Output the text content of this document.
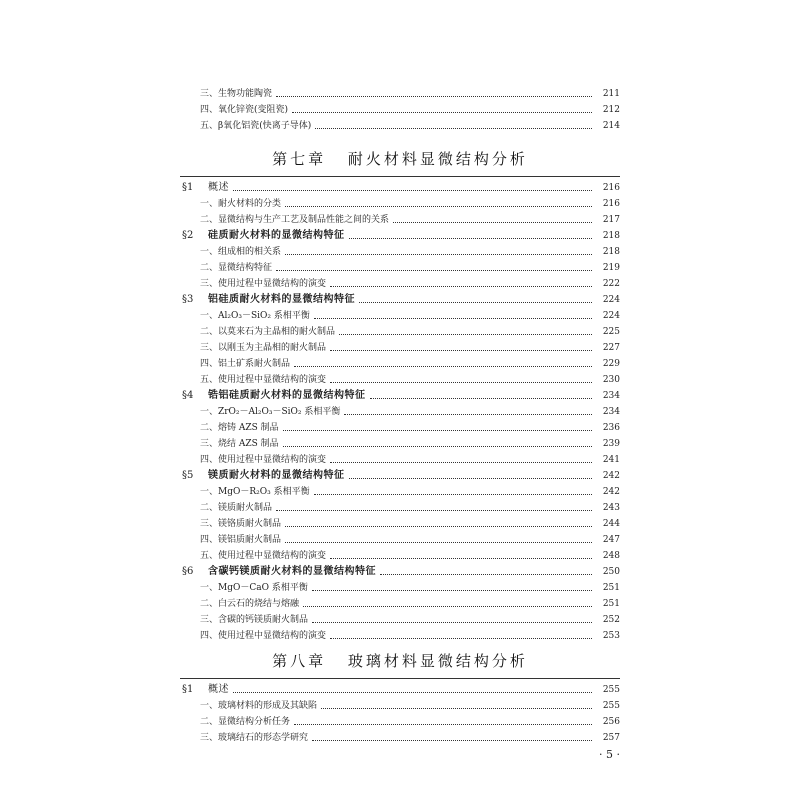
三、生物功能陶瓷	211
四、氧化锌瓷(变阻瓷)	212
五、β氧化铝瓷(快离子导体)	214
第七章 耐火材料显微结构分析
§1	概述	216
一、耐火材料的分类	216
二、显微结构与生产工艺及制品性能之间的关系	217
§2	硅质耐火材料的显微结构特征	218
一、组成相的相关系	218
二、显微结构特征	219
三、使用过程中显微结构的演变	222
§3	铝硅质耐火材料的显微结构特征	224
一、Al₂O₃－SiO₂ 系相平衡	224
二、以莫来石为主晶相的耐火制品	225
三、以刚玉为主晶相的耐火制品	227
四、铝土矿系耐火制品	229
五、使用过程中显微结构的演变	230
§4	锆铝硅质耐火材料的显微结构特征	234
一、ZrO₂－Al₂O₃－SiO₂ 系相平衡	234
二、熔铸 AZS 制品	236
三、烧结 AZS 制品	239
四、使用过程中显微结构的演变	241
§5	镁质耐火材料的显微结构特征	242
一、MgO－R₂O₃ 系相平衡	242
二、镁质耐火制品	243
三、镁铬质耐火制品	244
四、镁铝质耐火制品	247
五、使用过程中显微结构的演变	248
§6	含碳钙镁质耐火材料的显微结构特征	250
一、MgO－CaO 系相平衡	251
二、白云石的烧结与熔融	251
三、含碳的钙镁质耐火制品	252
四、使用过程中显微结构的演变	253
第八章 玻璃材料显微结构分析
§1	概述	255
一、玻璃材料的形成及其缺陷	255
二、显微结构分析任务	256
三、玻璃结石的形态学研究	257
· 5 ·
